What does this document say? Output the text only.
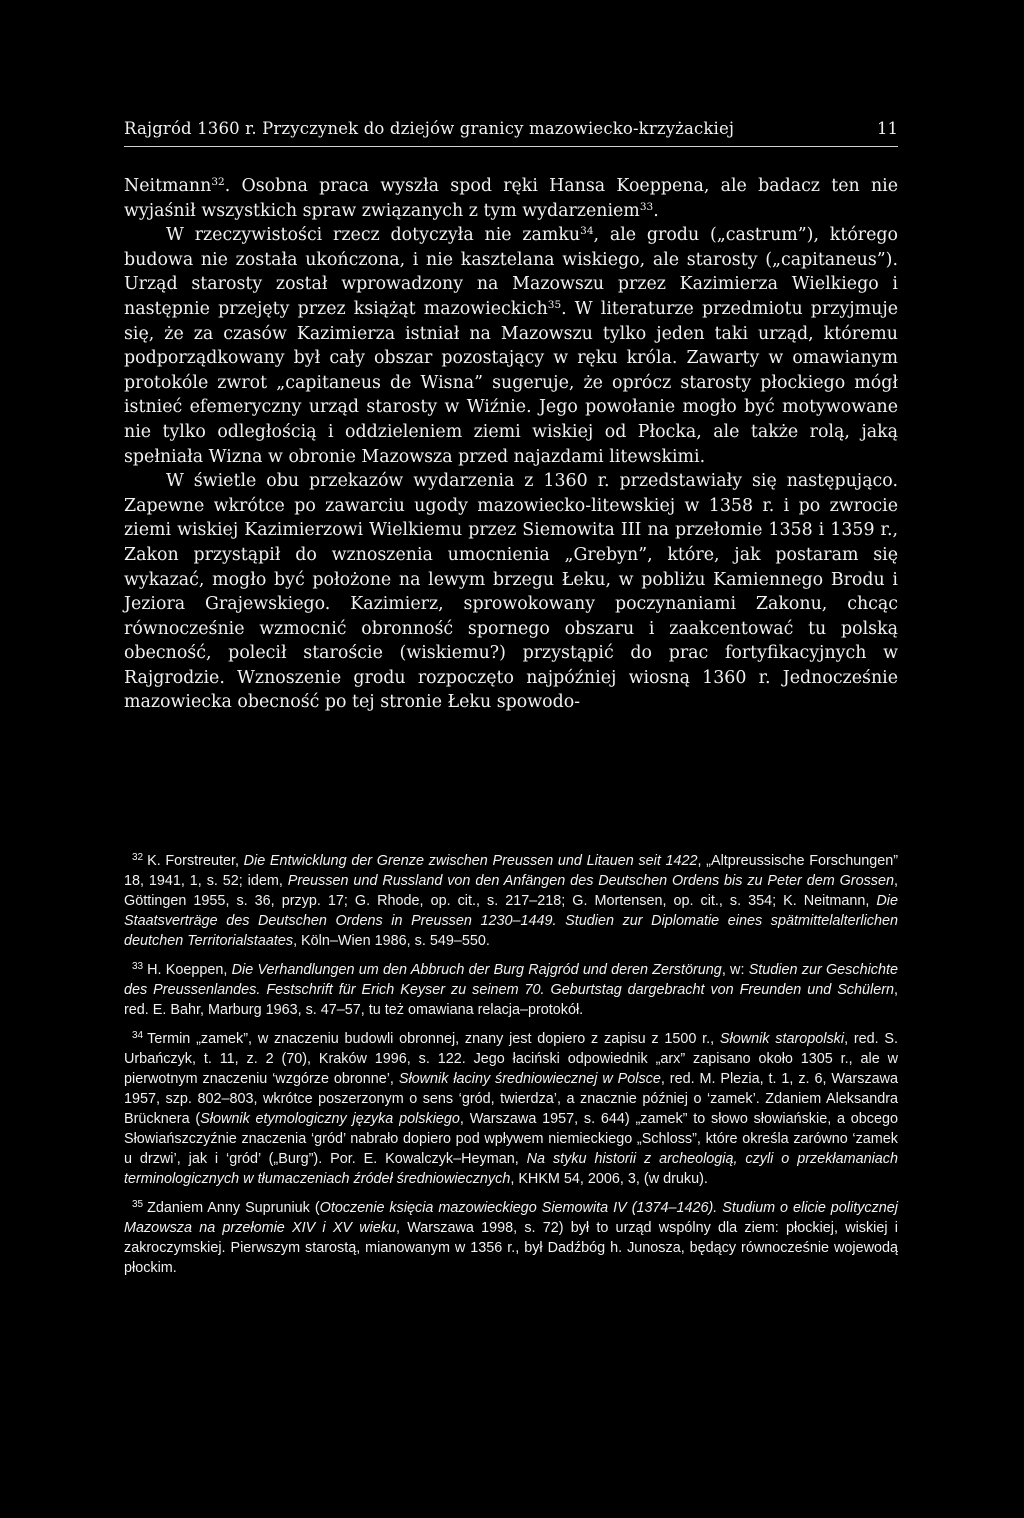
Rajgród 1360 r. Przyczynek do dziejów granicy mazowiecko-krzyżackiej	11

Neitmann$^{32}$. Osobna praca wyszła spod ręki Hansa Koeppena, ale badacz ten nie wyjaśnił wszystkich spraw związanych z tym wydarzeniem$^{33}$.

W rzeczywistości rzecz dotyczyła nie zamku$^{34}$, ale grodu („castrum”), którego budowa nie została ukończona, i nie kasztelana wiskiego, ale starosty („capitaneus”). Urząd starosty został wprowadzony na Mazowszu przez Kazimierza Wielkiego i następnie przejęty przez książąt mazowieckich$^{35}$. W literaturze przedmiotu przyjmuje się, że za czasów Kazimierza istniał na Mazowszu tylko jeden taki urząd, któremu podporządkowany był cały obszar pozostający w ręku króla. Zawarty w omawianym protokóle zwrot „capitaneus de Wisna” sugeruje, że oprócz starosty płockiego mógł istnieć efemeryczny urząd starosty w Wiźnie. Jego powołanie mogło być motywowane nie tylko odległością i oddzieleniem ziemi wiskiej od Płocka, ale także rolą, jaką spełniała Wizna w obronie Mazowsza przed najazdami litewskimi.

W świetle obu przekazów wydarzenia z 1360 r. przedstawiały się następująco. Zapewne wkrótce po zawarciu ugody mazowiecko-litewskiej w 1358 r. i po zwrocie ziemi wiskiej Kazimierzowi Wielkiemu przez Siemowita III na przełomie 1358 i 1359 r., Zakon przystąpił do wznoszenia umocnienia „Grebyn”, które, jak postaram się wykazać, mogło być położone na lewym brzegu Łeku, w pobliżu Kamiennego Brodu i Jeziora Grajewskiego. Kazimierz, sprowokowany poczynaniami Zakonu, chcąc równocześnie wzmocnić obronność spornego obszaru i zaakcentować tu polską obecność, polecił staroście (wiskiemu?) przystąpić do prac fortyfikacyjnych w Rajgrodzie. Wznoszenie grodu rozpoczęto najpóźniej wiosną 1360 r. Jednocześnie mazowiecka obecność po tej stronie Łeku spowodo-

$^{32}$ K. Forstreuter, Die Entwicklung der Grenze zwischen Preussen und Litauen seit 1422, „Altpreussische Forschungen” 18, 1941, 1, s. 52; idem, Preussen und Russland von den Anfängen des Deutschen Ordens bis zu Peter dem Grossen, Göttingen 1955, s. 36, przyp. 17; G. Rhode, op. cit., s. 217–218; G. Mortensen, op. cit., s. 354; K. Neitmann, Die Staatsverträge des Deutschen Ordens in Preussen 1230–1449. Studien zur Diplomatie eines spätmittelalterlichen deutchen Territorialstaates, Köln–Wien 1986, s. 549–550.

$^{33}$ H. Koeppen, Die Verhandlungen um den Abbruch der Burg Rajgród und deren Zerstörung, w: Studien zur Geschichte des Preussenlandes. Festschrift für Erich Keyser zu seinem 70. Geburtstag dargebracht von Freunden und Schülern, red. E. Bahr, Marburg 1963, s. 47–57, tu też omawiana relacja–protokół.

$^{34}$ Termin „zamek”, w znaczeniu budowli obronnej, znany jest dopiero z zapisu z 1500 r., Słownik staropolski, red. S. Urbańczyk, t. 11, z. 2 (70), Kraków 1996, s. 122. Jego łaciński odpowiednik „arx” zapisano około 1305 r., ale w pierwotnym znaczeniu ‘wzgórze obronne’, Słownik łaciny średniowiecznej w Polsce, red. M. Plezia, t. 1, z. 6, Warszawa 1957, szp. 802–803, wkrótce poszerzonym o sens ‘gród, twierdza’, a znacznie później o ‘zamek’. Zdaniem Aleksandra Brücknera (Słownik etymologiczny języka polskiego, Warszawa 1957, s. 644) „zamek” to słowo słowiańskie, a obcego Słowiańszczyźnie znaczenia ‘gród’ nabrało dopiero pod wpływem niemieckiego „Schloss”, które określa zarówno ‘zamek u drzwi’, jak i ‘gród’ („Burg”). Por. E. Kowalczyk–Heyman, Na styku historii z archeologią, czyli o przekłamaniach terminologicznych w tłumaczeniach źródeł średniowiecznych, KHKM 54, 2006, 3, (w druku).

$^{35}$ Zdaniem Anny Supruniuk (Otoczenie księcia mazowieckiego Siemowita IV (1374–1426). Studium o elicie politycznej Mazowsza na przełomie XIV i XV wieku, Warszawa 1998, s. 72) był to urząd wspólny dla ziem: płockiej, wiskiej i zakroczymskiej. Pierwszym starostą, mianowanym w 1356 r., był Dadźbóg h. Junosza, będący równocześnie wojewodą płockim.
